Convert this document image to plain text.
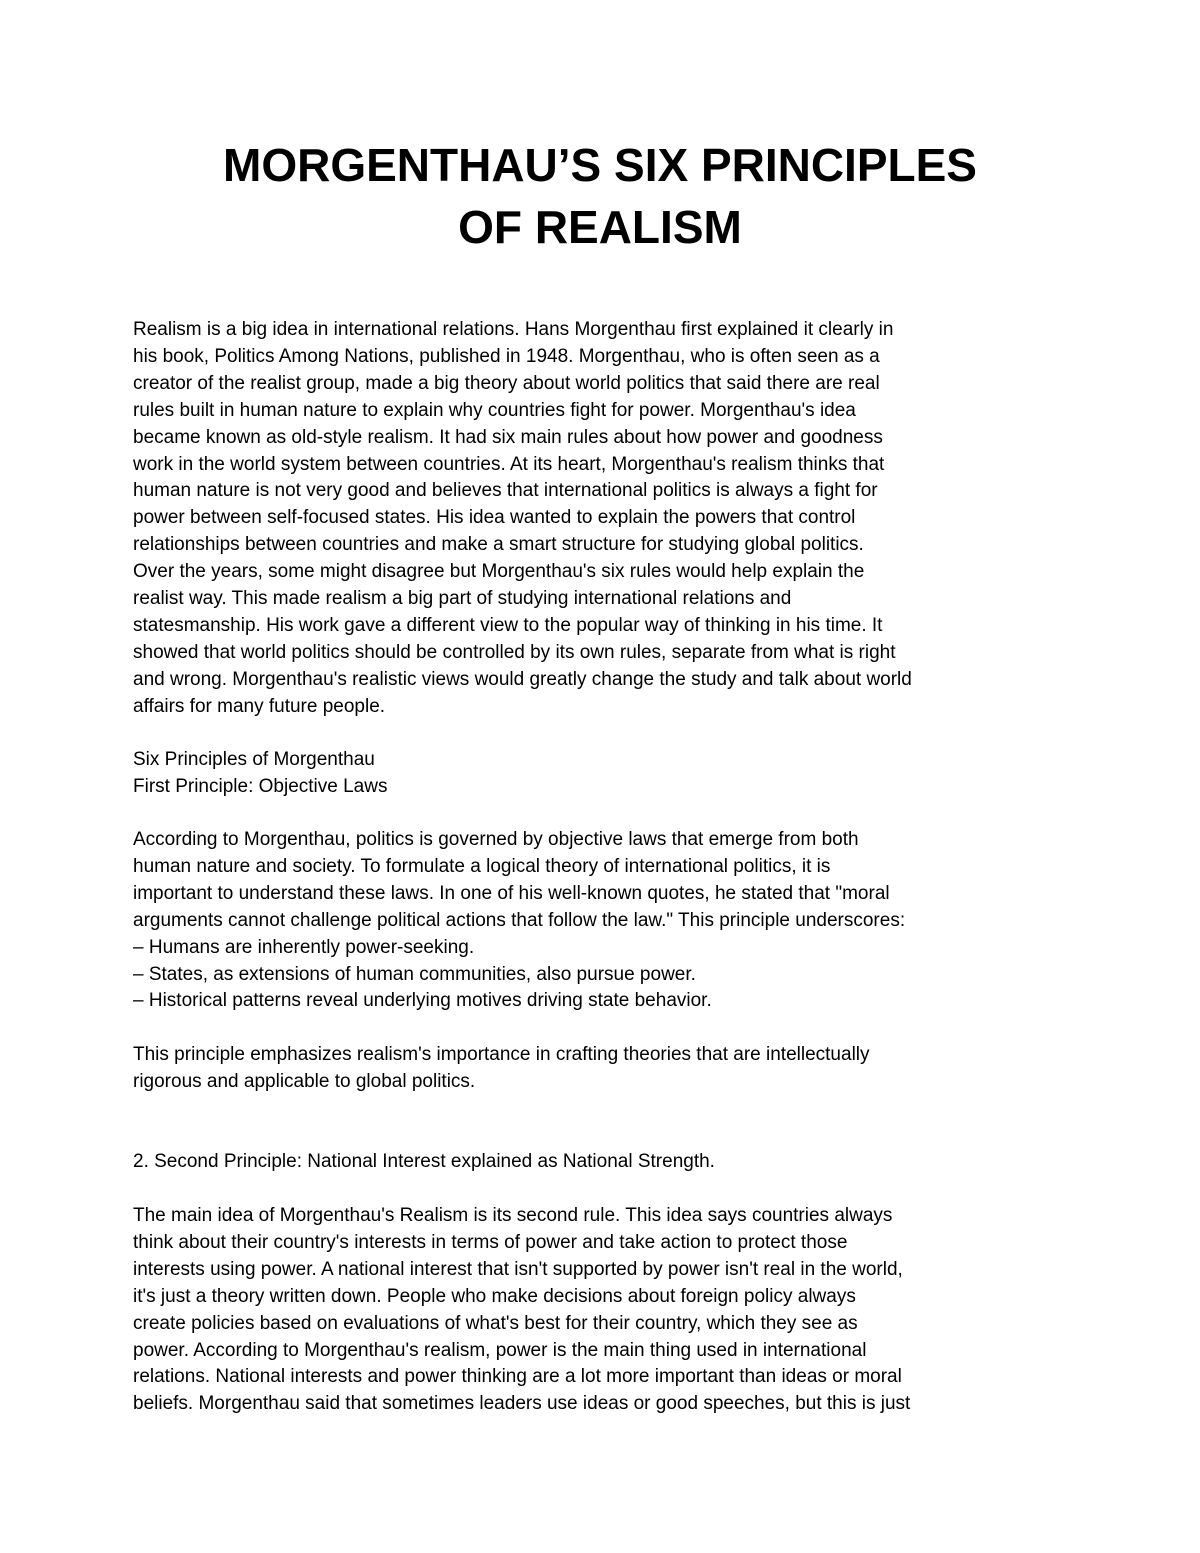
MORGENTHAU’S SIX PRINCIPLES
OF REALISM

Realism is a big idea in international relations. Hans Morgenthau first explained it clearly in
his book, Politics Among Nations, published in 1948. Morgenthau, who is often seen as a
creator of the realist group, made a big theory about world politics that said there are real
rules built in human nature to explain why countries fight for power. Morgenthau's idea
became known as old-style realism. It had six main rules about how power and goodness
work in the world system between countries. At its heart, Morgenthau's realism thinks that
human nature is not very good and believes that international politics is always a fight for
power between self-focused states. His idea wanted to explain the powers that control
relationships between countries and make a smart structure for studying global politics.
Over the years, some might disagree but Morgenthau's six rules would help explain the
realist way. This made realism a big part of studying international relations and
statesmanship. His work gave a different view to the popular way of thinking in his time. It
showed that world politics should be controlled by its own rules, separate from what is right
and wrong. Morgenthau's realistic views would greatly change the study and talk about world
affairs for many future people.

Six Principles of Morgenthau
First Principle: Objective Laws

According to Morgenthau, politics is governed by objective laws that emerge from both
human nature and society. To formulate a logical theory of international politics, it is
important to understand these laws. In one of his well-known quotes, he stated that "moral
arguments cannot challenge political actions that follow the law." This principle underscores:
– Humans are inherently power-seeking.
– States, as extensions of human communities, also pursue power.
– Historical patterns reveal underlying motives driving state behavior.

This principle emphasizes realism's importance in crafting theories that are intellectually
rigorous and applicable to global politics.

2. Second Principle: National Interest explained as National Strength.

The main idea of Morgenthau's Realism is its second rule. This idea says countries always
think about their country's interests in terms of power and take action to protect those
interests using power. A national interest that isn't supported by power isn't real in the world,
it's just a theory written down. People who make decisions about foreign policy always
create policies based on evaluations of what's best for their country, which they see as
power. According to Morgenthau's realism, power is the main thing used in international
relations. National interests and power thinking are a lot more important than ideas or moral
beliefs. Morgenthau said that sometimes leaders use ideas or good speeches, but this is just
